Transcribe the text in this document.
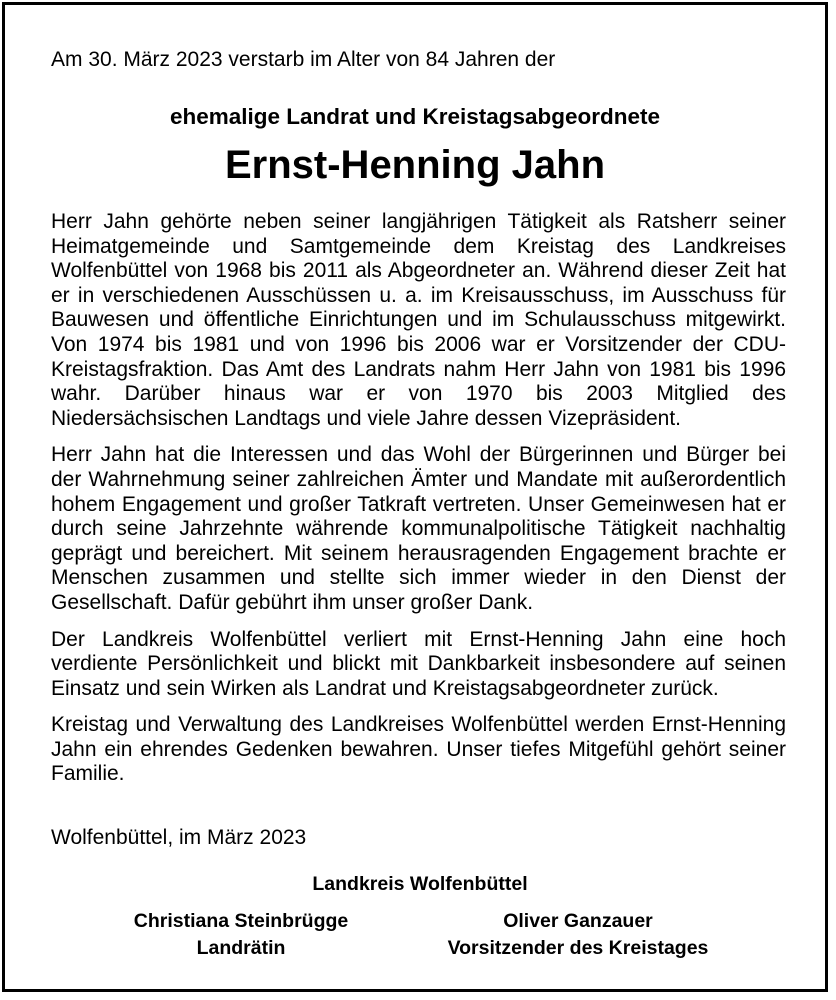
Am 30. März 2023 verstarb im Alter von 84 Jahren der

ehemalige Landrat und Kreistagsabgeordnete

Ernst-Henning Jahn

Herr Jahn gehörte neben seiner langjährigen Tätigkeit als Ratsherr seiner Heimatgemeinde und Samtgemeinde dem Kreistag des Landkreises Wolfenbüttel von 1968 bis 2011 als Abgeordneter an. Während dieser Zeit hat er in verschiedenen Ausschüssen u. a. im Kreisausschuss, im Ausschuss für Bauwesen und öffentliche Einrichtungen und im Schulausschuss mitgewirkt. Von 1974 bis 1981 und von 1996 bis 2006 war er Vorsitzender der CDU-Kreistagsfraktion. Das Amt des Landrats nahm Herr Jahn von 1981 bis 1996 wahr. Darüber hinaus war er von 1970 bis 2003 Mitglied des Niedersächsischen Landtags und viele Jahre dessen Vizepräsident.

Herr Jahn hat die Interessen und das Wohl der Bürgerinnen und Bürger bei der Wahrnehmung seiner zahlreichen Ämter und Mandate mit außerordentlich hohem Engagement und großer Tatkraft vertreten. Unser Gemeinwesen hat er durch seine Jahrzehnte währende kommunalpolitische Tätigkeit nachhaltig geprägt und bereichert. Mit seinem herausragenden Engagement brachte er Menschen zusammen und stellte sich immer wieder in den Dienst der Gesellschaft. Dafür gebührt ihm unser großer Dank.

Der Landkreis Wolfenbüttel verliert mit Ernst-Henning Jahn eine hoch verdiente Persönlichkeit und blickt mit Dankbarkeit insbesondere auf seinen Einsatz und sein Wirken als Landrat und Kreistagsabgeordneter zurück.

Kreistag und Verwaltung des Landkreises Wolfenbüttel werden Ernst-Henning Jahn ein ehrendes Gedenken bewahren. Unser tiefes Mitgefühl gehört seiner Familie.

Wolfenbüttel, im März 2023

Landkreis Wolfenbüttel

Christiana Steinbrügge
Landrätin
Oliver Ganzauer
Vorsitzender des Kreistages
